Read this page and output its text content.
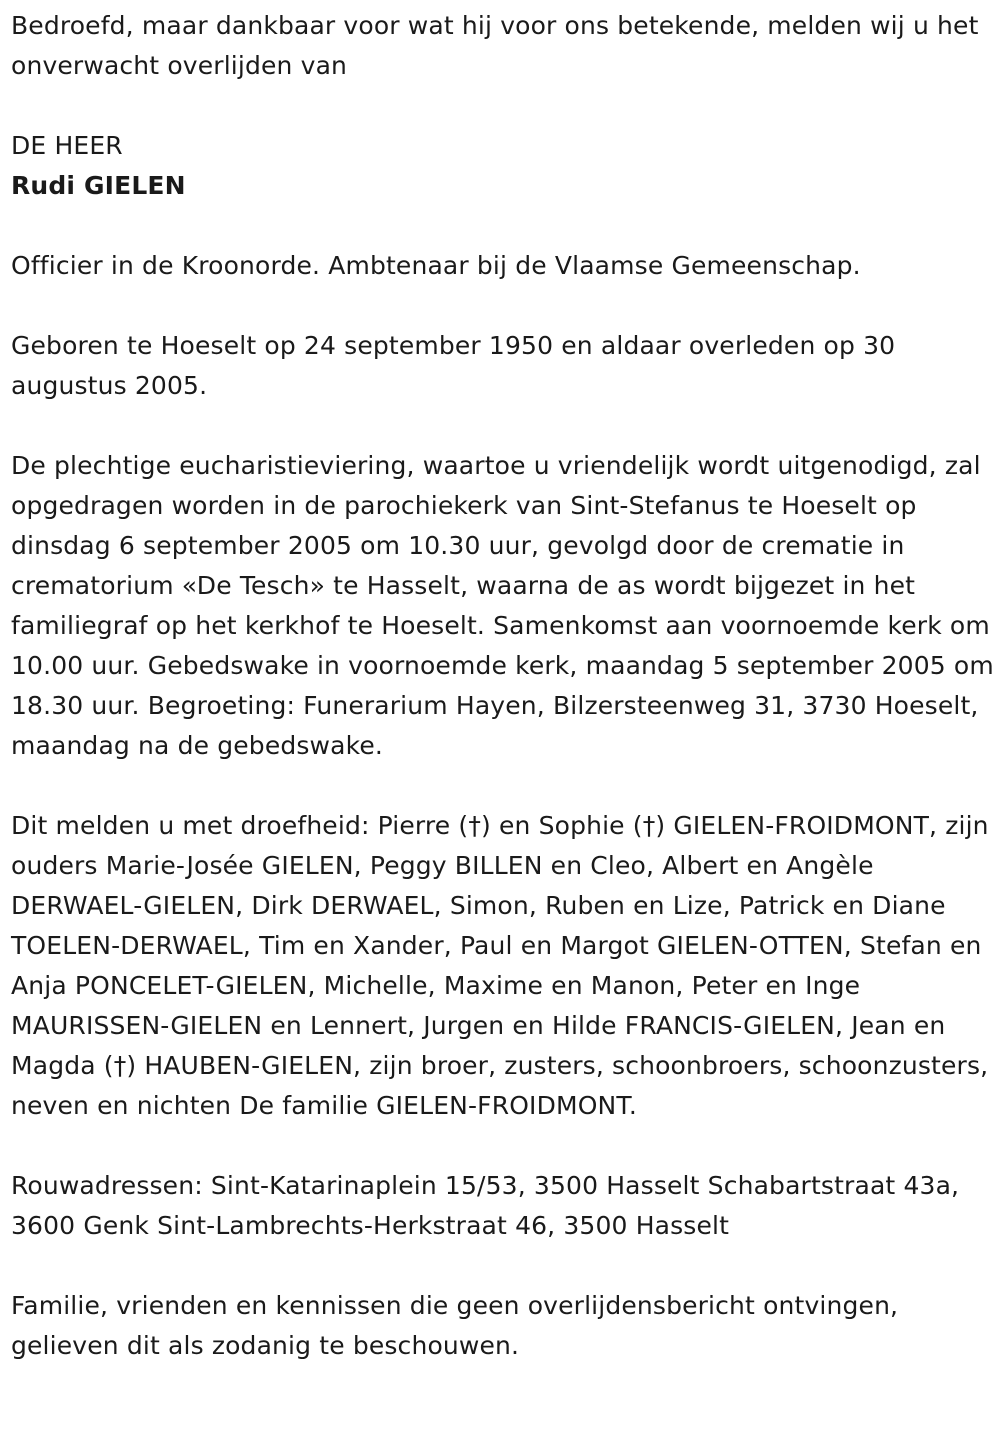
Bedroefd, maar dankbaar voor wat hij voor ons betekende, melden wij u het onverwacht overlijden van

DE HEER

Rudi GIELEN

Officier in de Kroonorde. Ambtenaar bij de Vlaamse Gemeenschap.

Geboren te Hoeselt op 24 september 1950 en aldaar overleden op 30 augustus 2005.

De plechtige eucharistieviering, waartoe u vriendelijk wordt uitgenodigd, zal opgedragen worden in de parochiekerk van Sint-Stefanus te Hoeselt op dinsdag 6 september 2005 om 10.30 uur, gevolgd door de crematie in crematorium «De Tesch» te Hasselt, waarna de as wordt bijgezet in het familiegraf op het kerkhof te Hoeselt. Samenkomst aan voornoemde kerk om 10.00 uur. Gebedswake in voornoemde kerk, maandag 5 september 2005 om 18.30 uur. Begroeting: Funerarium Hayen, Bilzersteenweg 31, 3730 Hoeselt, maandag na de gebedswake.

Dit melden u met droefheid: Pierre (†) en Sophie (†) GIELEN-FROIDMONT, zijn ouders Marie-Josée GIELEN, Peggy BILLEN en Cleo, Albert en Angèle DERWAEL-GIELEN, Dirk DERWAEL, Simon, Ruben en Lize, Patrick en Diane TOELEN-DERWAEL, Tim en Xander, Paul en Margot GIELEN-OTTEN, Stefan en Anja PONCELET-GIELEN, Michelle, Maxime en Manon, Peter en Inge MAURISSEN-GIELEN en Lennert, Jurgen en Hilde FRANCIS-GIELEN, Jean en Magda (†) HAUBEN-GIELEN, zijn broer, zusters, schoonbroers, schoonzusters, neven en nichten De familie GIELEN-FROIDMONT.

Rouwadressen: Sint-Katarinaplein 15/53, 3500 Hasselt Schabartstraat 43a, 3600 Genk Sint-Lambrechts-Herkstraat 46, 3500 Hasselt

Familie, vrienden en kennissen die geen overlijdensbericht ontvingen, gelieven dit als zodanig te beschouwen.
